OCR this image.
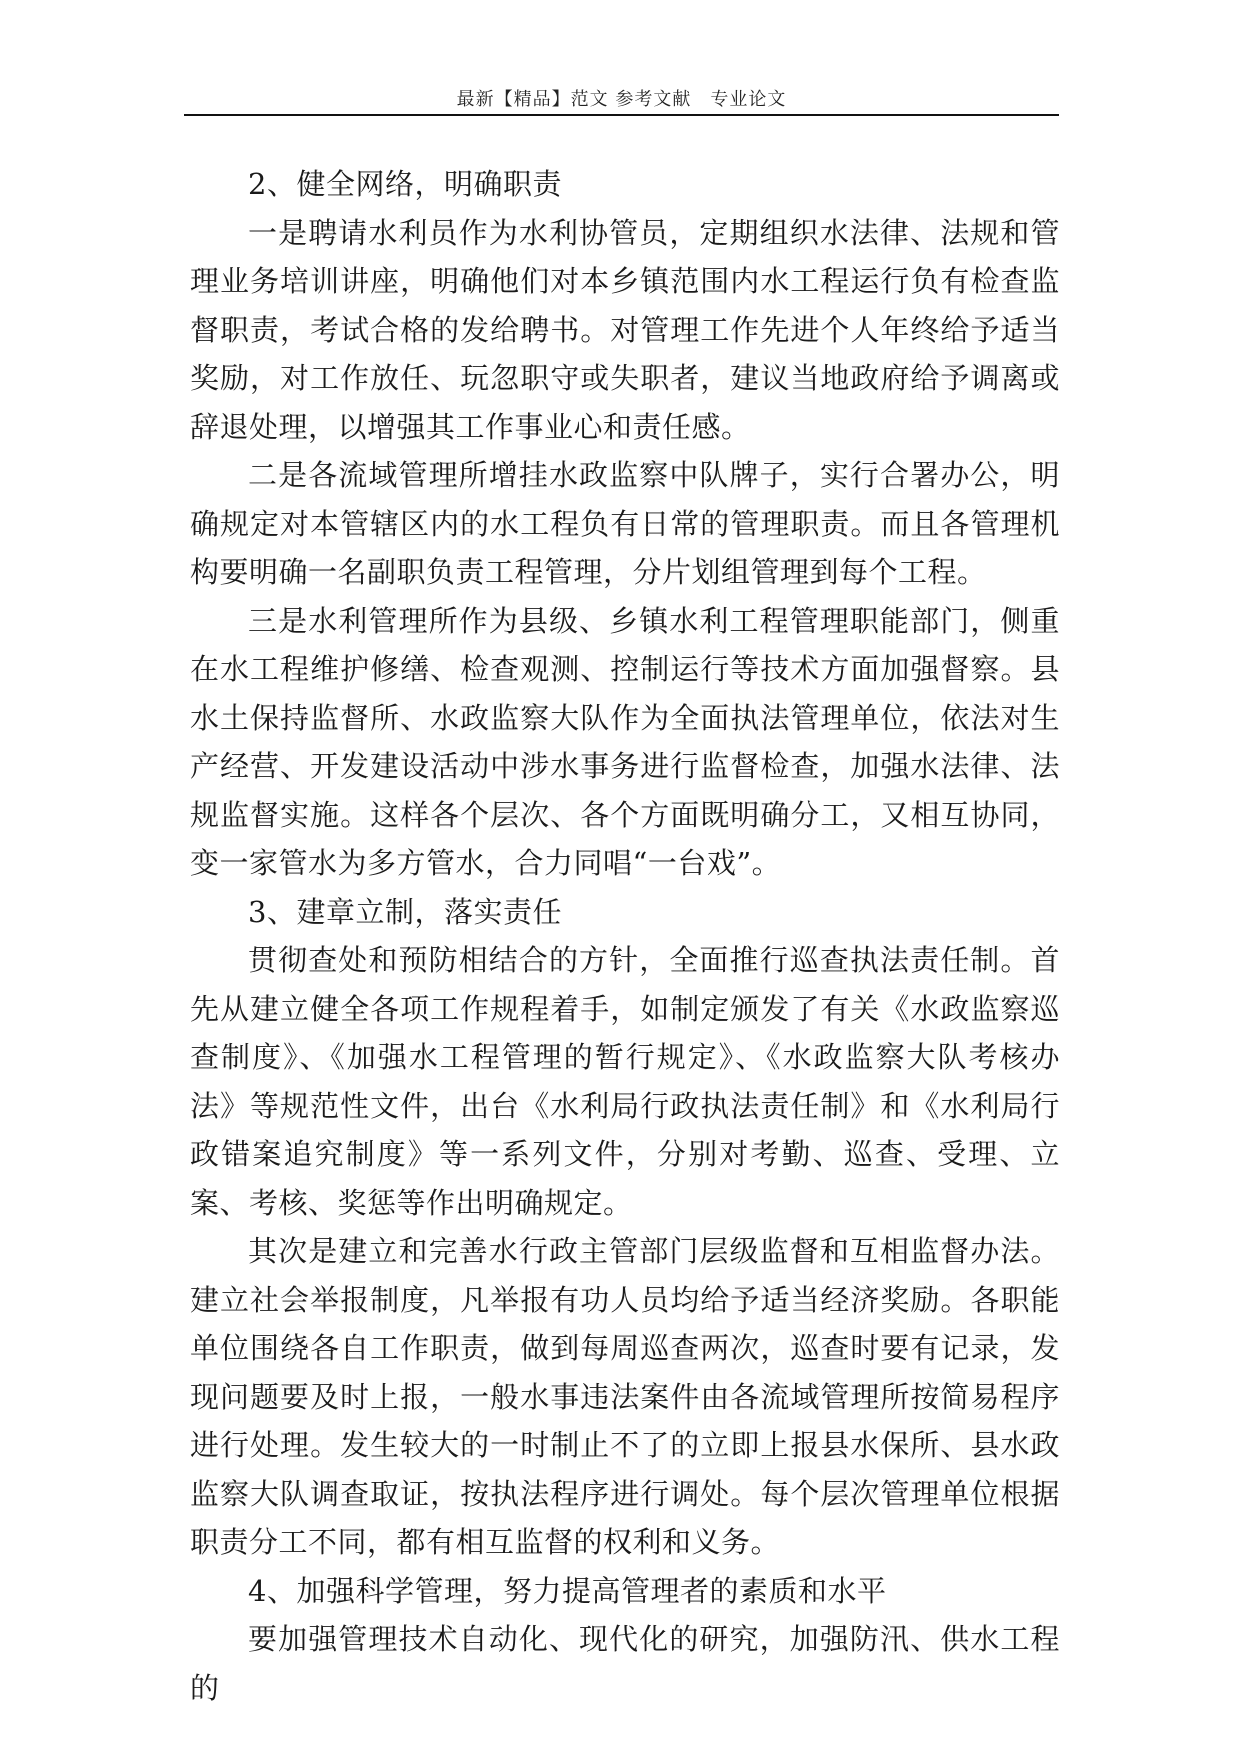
最新【精品】范文 参考文献　专业论文

2、健全网络，明确职责

一是聘请水利员作为水利协管员，定期组织水法律、法规和管理业务培训讲座，明确他们对本乡镇范围内水工程运行负有检查监督职责，考试合格的发给聘书。对管理工作先进个人年终给予适当奖励，对工作放任、玩忽职守或失职者，建议当地政府给予调离或辞退处理，以增强其工作事业心和责任感。

二是各流域管理所增挂水政监察中队牌子，实行合署办公，明确规定对本管辖区内的水工程负有日常的管理职责。而且各管理机构要明确一名副职负责工程管理，分片划组管理到每个工程。

三是水利管理所作为县级、乡镇水利工程管理职能部门，侧重在水工程维护修缮、检查观测、控制运行等技术方面加强督察。县水土保持监督所、水政监察大队作为全面执法管理单位，依法对生产经营、开发建设活动中涉水事务进行监督检查，加强水法律、法规监督实施。这样各个层次、各个方面既明确分工，又相互协同，变一家管水为多方管水，合力同唱“一台戏”。

3、建章立制，落实责任

贯彻查处和预防相结合的方针，全面推行巡查执法责任制。首先从建立健全各项工作规程着手，如制定颁发了有关《水政监察巡查制度》、《加强水工程管理的暂行规定》、《水政监察大队考核办法》等规范性文件，出台《水利局行政执法责任制》和《水利局行政错案追究制度》等一系列文件，分别对考勤、巡查、受理、立案、考核、奖惩等作出明确规定。

其次是建立和完善水行政主管部门层级监督和互相监督办法。建立社会举报制度，凡举报有功人员均给予适当经济奖励。各职能单位围绕各自工作职责，做到每周巡查两次，巡查时要有记录，发现问题要及时上报，一般水事违法案件由各流域管理所按简易程序进行处理。发生较大的一时制止不了的立即上报县水保所、县水政监察大队调查取证，按执法程序进行调处。每个层次管理单位根据职责分工不同，都有相互监督的权利和义务。

4、加强科学管理，努力提高管理者的素质和水平

要加强管理技术自动化、现代化的研究，加强防汛、供水工程的
